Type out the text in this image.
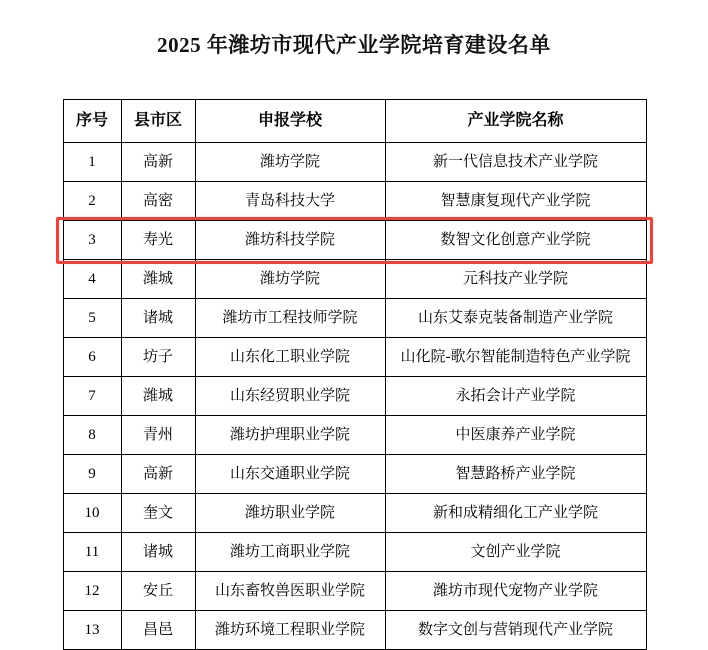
2025 年潍坊市现代产业学院培育建设名单
序号	县市区	申报学校	产业学院名称
1	高新	潍坊学院	新一代信息技术产业学院
2	高密	青岛科技大学	智慧康复现代产业学院
3	寿光	潍坊科技学院	数智文化创意产业学院
4	潍城	潍坊学院	元科技产业学院
5	诸城	潍坊市工程技师学院	山东艾泰克装备制造产业学院
6	坊子	山东化工职业学院	山化院-歌尔智能制造特色产业学院
7	潍城	山东经贸职业学院	永拓会计产业学院
8	青州	潍坊护理职业学院	中医康养产业学院
9	高新	山东交通职业学院	智慧路桥产业学院
10	奎文	潍坊职业学院	新和成精细化工产业学院
11	诸城	潍坊工商职业学院	文创产业学院
12	安丘	山东畜牧兽医职业学院	潍坊市现代宠物产业学院
13	昌邑	潍坊环境工程职业学院	数字文创与营销现代产业学院
